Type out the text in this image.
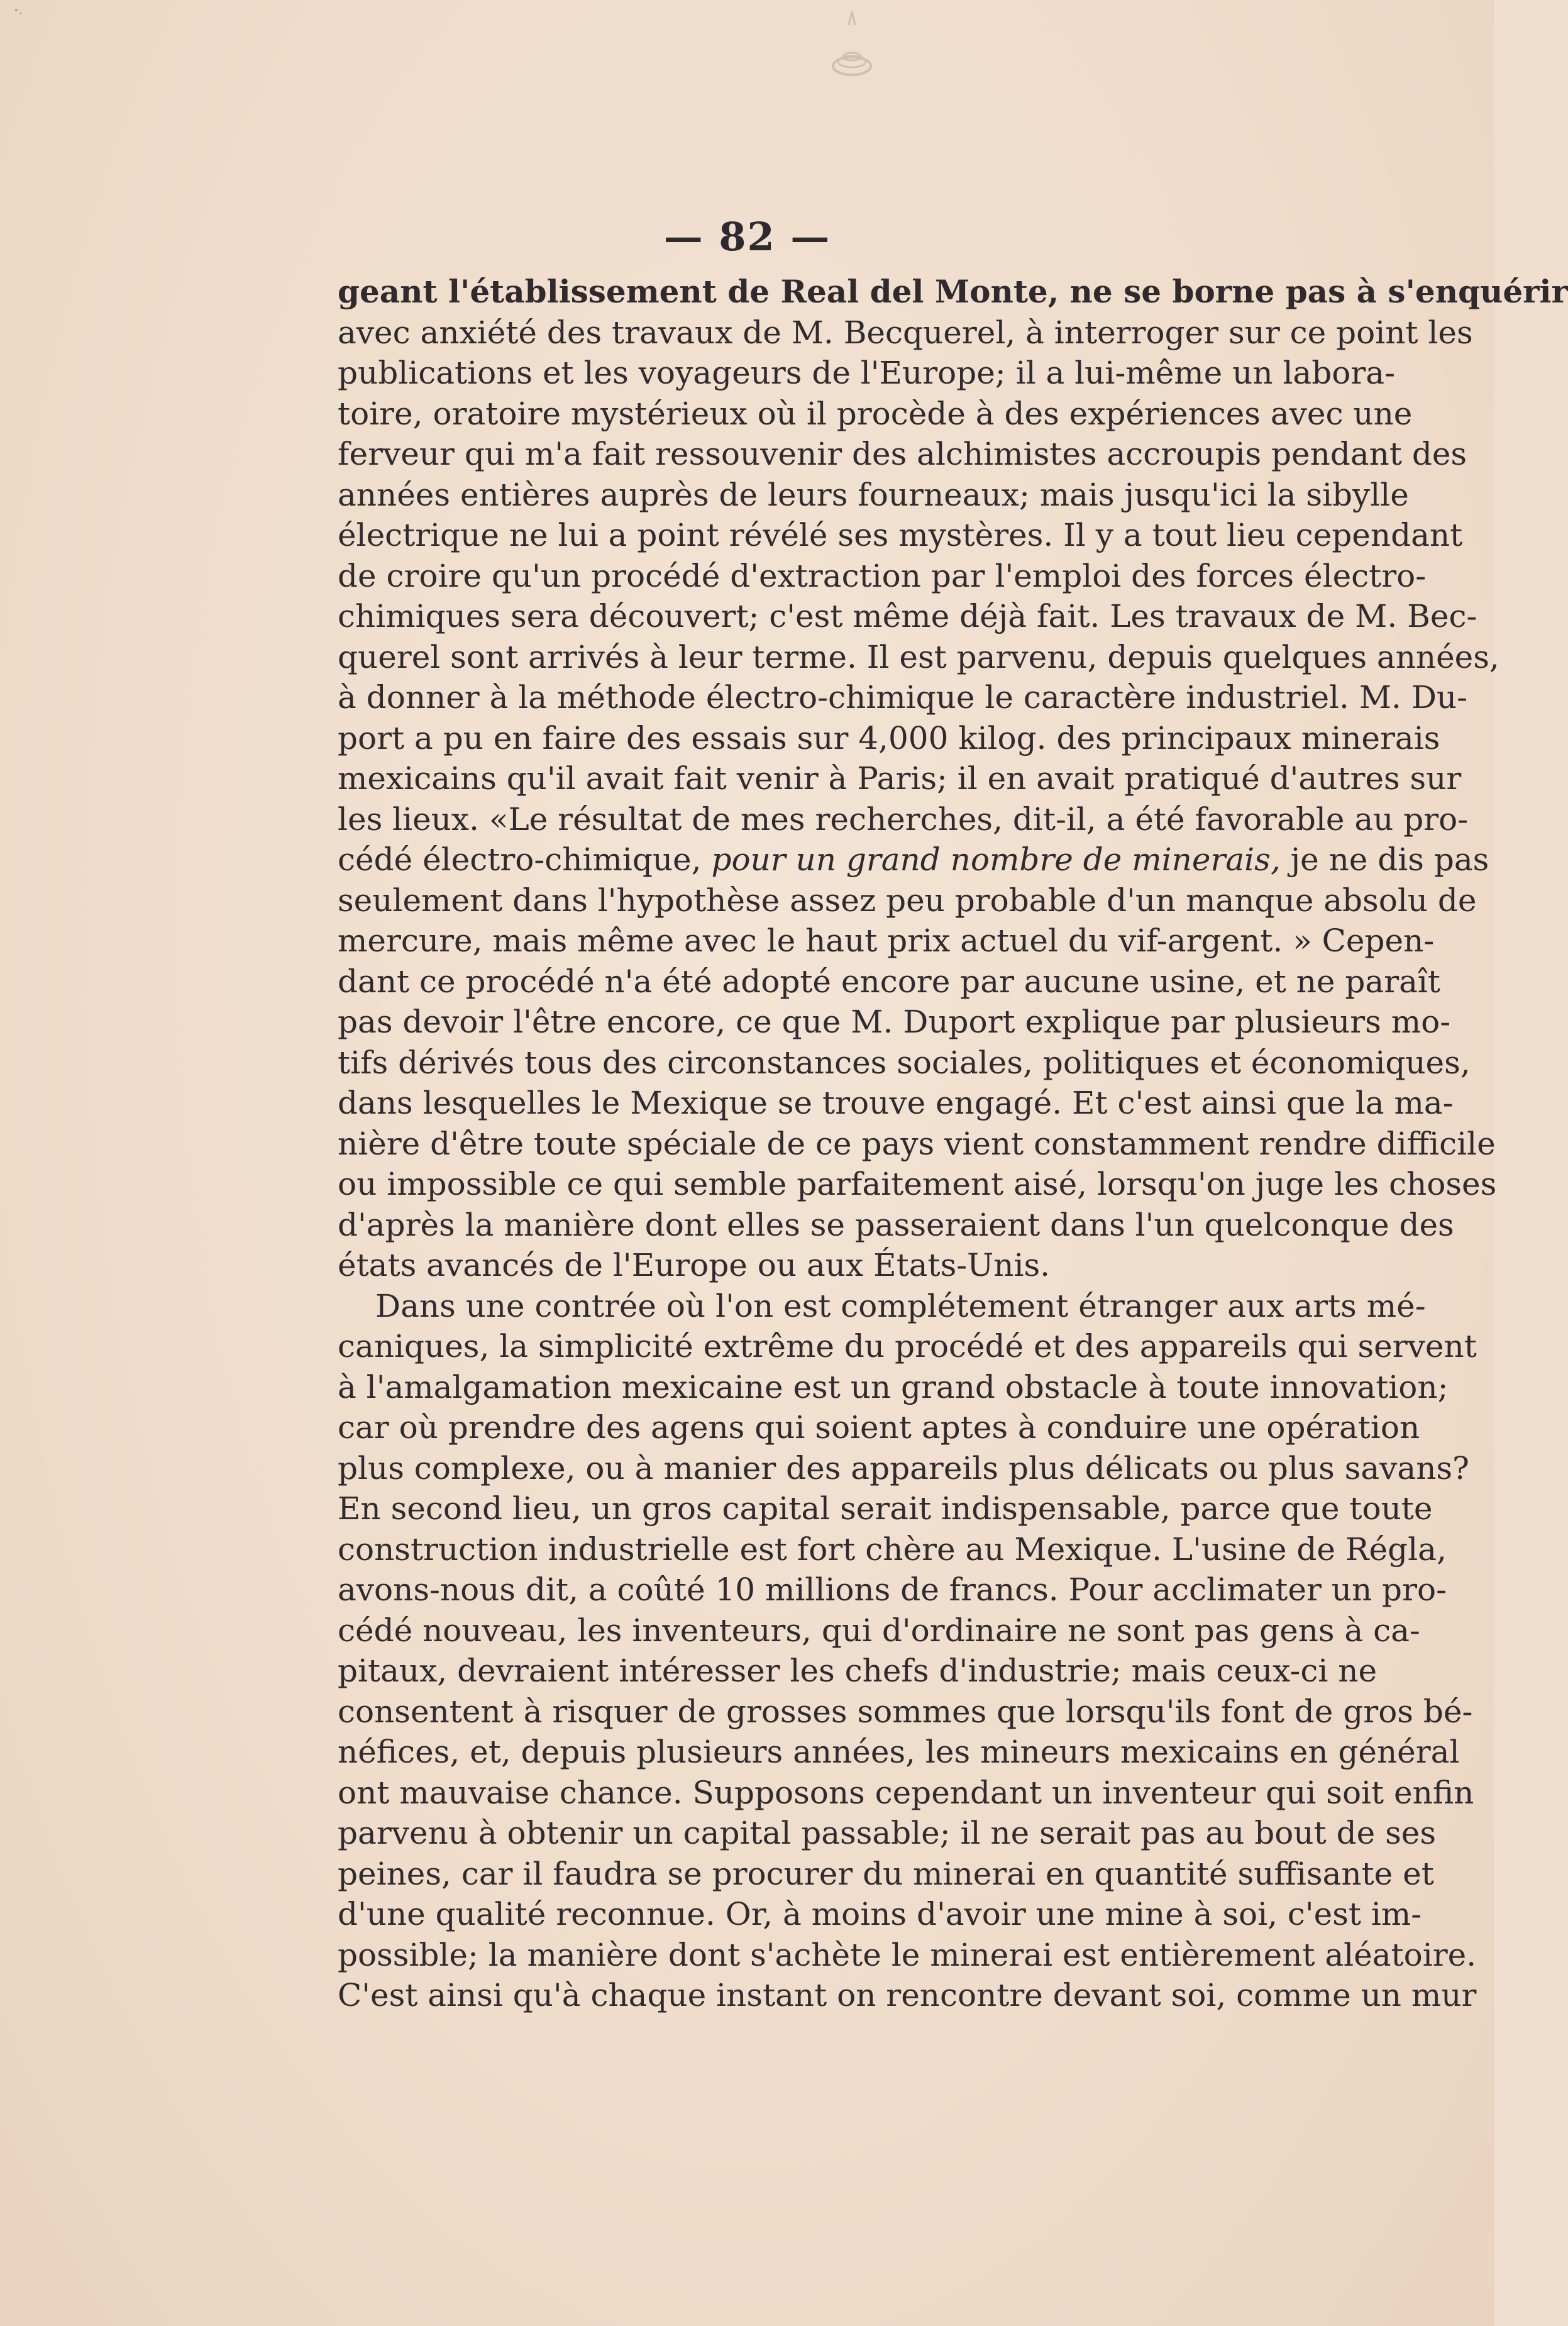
— 82 —
geant l'établissement de Real del Monte, ne se borne pas à s'enquérir
avec anxiété des travaux de M. Becquerel, à interroger sur ce point les
publications et les voyageurs de l'Europe; il a lui-même un labora-
toire, oratoire mystérieux où il procède à des expériences avec une
ferveur qui m'a fait ressouvenir des alchimistes accroupis pendant des
années entières auprès de leurs fourneaux; mais jusqu'ici la sibylle
électrique ne lui a point révélé ses mystères. Il y a tout lieu cependant
de croire qu'un procédé d'extraction par l'emploi des forces électro-
chimiques sera découvert; c'est même déjà fait. Les travaux de M. Bec-
querel sont arrivés à leur terme. Il est parvenu, depuis quelques années,
à donner à la méthode électro-chimique le caractère industriel. M. Du-
port a pu en faire des essais sur 4,000 kilog. des principaux minerais
mexicains qu'il avait fait venir à Paris; il en avait pratiqué d'autres sur
les lieux. «Le résultat de mes recherches, dit-il, a été favorable au pro-
cédé électro-chimique, pour un grand nombre de minerais, je ne dis pas
seulement dans l'hypothèse assez peu probable d'un manque absolu de
mercure, mais même avec le haut prix actuel du vif-argent. » Cepen-
dant ce procédé n'a été adopté encore par aucune usine, et ne paraît
pas devoir l'être encore, ce que M. Duport explique par plusieurs mo-
tifs dérivés tous des circonstances sociales, politiques et économiques,
dans lesquelles le Mexique se trouve engagé. Et c'est ainsi que la ma-
nière d'être toute spéciale de ce pays vient constamment rendre difficile
ou impossible ce qui semble parfaitement aisé, lorsqu'on juge les choses
d'après la manière dont elles se passeraient dans l'un quelconque des
états avancés de l'Europe ou aux États-Unis.
Dans une contrée où l'on est complétement étranger aux arts mé-
caniques, la simplicité extrême du procédé et des appareils qui servent
à l'amalgamation mexicaine est un grand obstacle à toute innovation;
car où prendre des agens qui soient aptes à conduire une opération
plus complexe, ou à manier des appareils plus délicats ou plus savans?
En second lieu, un gros capital serait indispensable, parce que toute
construction industrielle est fort chère au Mexique. L'usine de Régla,
avons-nous dit, a coûté 10 millions de francs. Pour acclimater un pro-
cédé nouveau, les inventeurs, qui d'ordinaire ne sont pas gens à ca-
pitaux, devraient intéresser les chefs d'industrie; mais ceux-ci ne
consentent à risquer de grosses sommes que lorsqu'ils font de gros bé-
néfices, et, depuis plusieurs années, les mineurs mexicains en général
ont mauvaise chance. Supposons cependant un inventeur qui soit enfin
parvenu à obtenir un capital passable; il ne serait pas au bout de ses
peines, car il faudra se procurer du minerai en quantité suffisante et
d'une qualité reconnue. Or, à moins d'avoir une mine à soi, c'est im-
possible; la manière dont s'achète le minerai est entièrement aléatoire.
C'est ainsi qu'à chaque instant on rencontre devant soi, comme un mur
